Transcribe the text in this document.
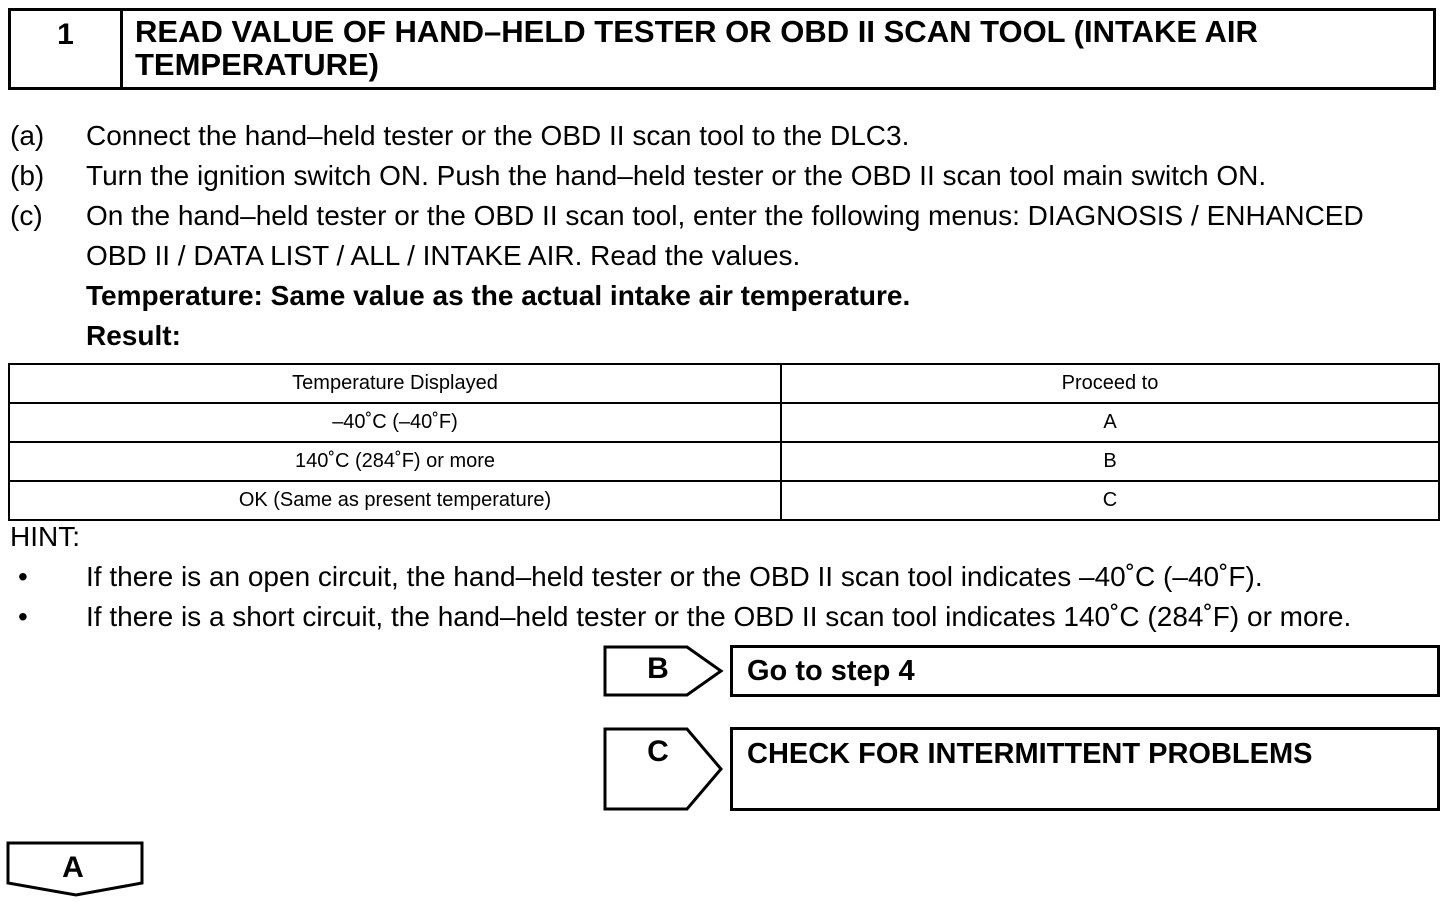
1	READ VALUE OF HAND–HELD TESTER OR OBD II SCAN TOOL (INTAKE AIR
TEMPERATURE)
(a) Connect the hand–held tester or the OBD II scan tool to the DLC3.
(b) Turn the ignition switch ON. Push the hand–held tester or the OBD II scan tool main switch ON.
(c) On the hand–held tester or the OBD II scan tool, enter the following menus: DIAGNOSIS / ENHANCED
OBD II / DATA LIST / ALL / INTAKE AIR. Read the values.
Temperature: Same value as the actual intake air temperature.
Result:
Temperature Displayed	Proceed to
–40˚C (–40˚F)	A
140˚C (284˚F) or more	B
OK (Same as present temperature)	C
HINT:
• If there is an open circuit, the hand–held tester or the OBD II scan tool indicates –40˚C (–40˚F).
• If there is a short circuit, the hand–held tester or the OBD II scan tool indicates 140˚C (284˚F) or more.
B	Go to step 4
C	CHECK FOR INTERMITTENT PROBLEMS
A
